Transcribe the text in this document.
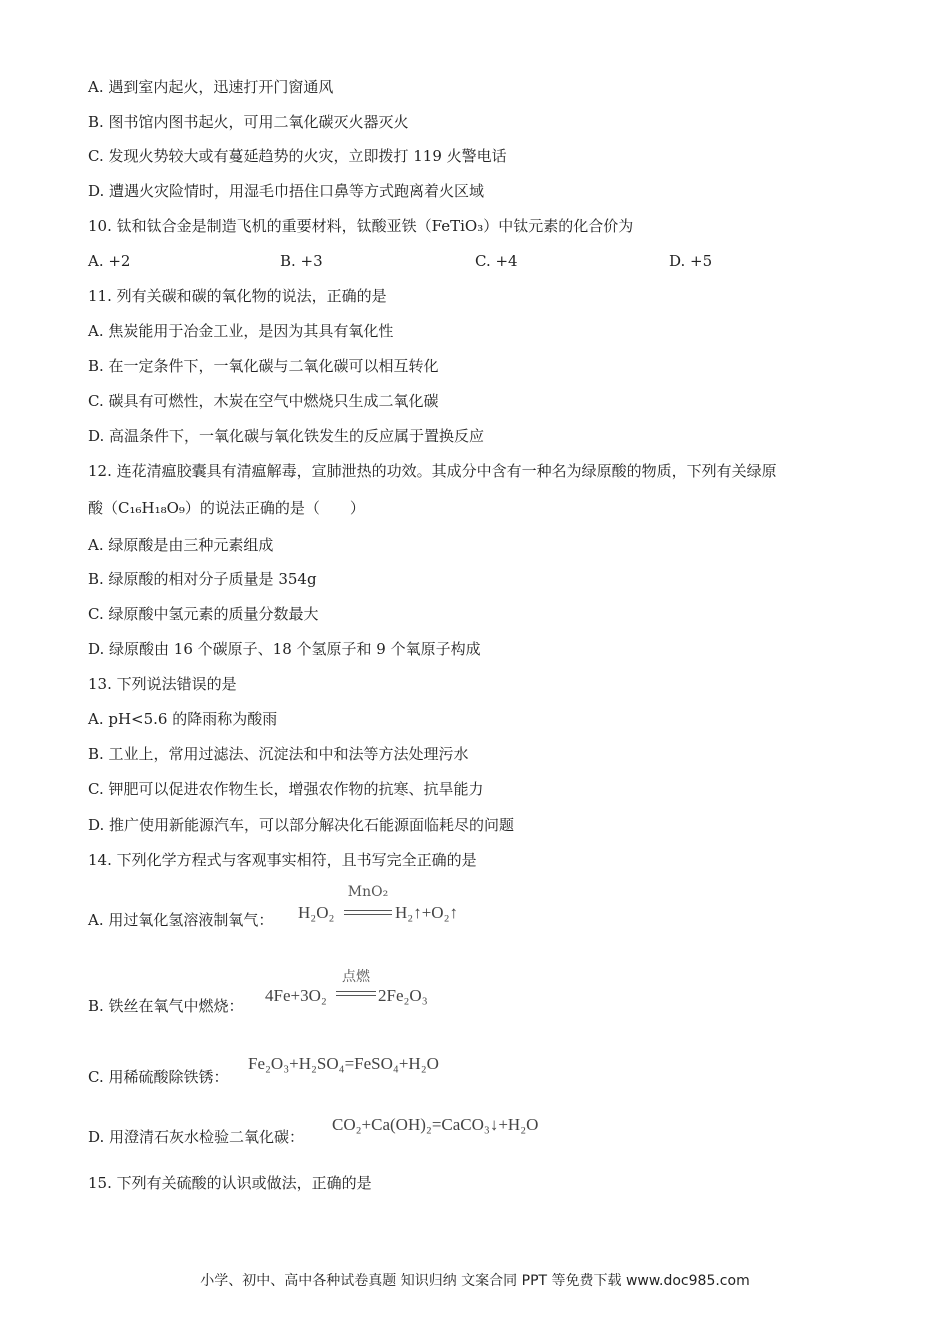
A. 遇到室内起火，迅速打开门窗通风
B. 图书馆内图书起火，可用二氧化碳灭火器灭火
C. 发现火势较大或有蔓延趋势的火灾，立即拨打 119 火警电话
D. 遭遇火灾险情时，用湿毛巾捂住口鼻等方式跑离着火区域
10. 钛和钛合金是制造飞机的重要材料，钛酸亚铁（FeTiO₃）中钛元素的化合价为
A. +2	B. +3	C. +4	D. +5
11. 列有关碳和碳的氧化物的说法，正确的是
A. 焦炭能用于冶金工业，是因为其具有氧化性
B. 在一定条件下，一氧化碳与二氧化碳可以相互转化
C. 碳具有可燃性，木炭在空气中燃烧只生成二氧化碳
D. 高温条件下，一氧化碳与氧化铁发生的反应属于置换反应
12. 连花清瘟胶囊具有清瘟解毒，宣肺泄热的功效。其成分中含有一种名为绿原酸的物质，下列有关绿原
酸（C₁₆H₁₈O₉）的说法正确的是（　　）
A. 绿原酸是由三种元素组成
B. 绿原酸的相对分子质量是 354g
C. 绿原酸中氢元素的质量分数最大
D. 绿原酸由 16 个碳原子、18 个氢原子和 9 个氧原子构成
13. 下列说法错误的是
A. pH<5.6 的降雨称为酸雨
B. 工业上，常用过滤法、沉淀法和中和法等方法处理污水
C. 钾肥可以促进农作物生长，增强农作物的抗寒、抗旱能力
D. 推广使用新能源汽车，可以部分解决化石能源面临耗尽的问题
14. 下列化学方程式与客观事实相符，且书写完全正确的是
A. 用过氧化氢溶液制氧气： H₂O₂
MnO₂
H₂↑+O₂↑
B. 铁丝在氧气中燃烧：
4Fe+3O₂
点燃
2Fe₂O₃
C. 用稀硫酸除铁锈：
Fe₂O₃+H₂SO₄=FeSO₄+H₂O
D. 用澄清石灰水检验二氧化碳：
CO₂+Ca(OH)₂=CaCO₃↓+H₂O
15. 下列有关硫酸的认识或做法，正确的是
小学、初中、高中各种试卷真题 知识归纳 文案合同 PPT 等免费下载 www.doc985.com
